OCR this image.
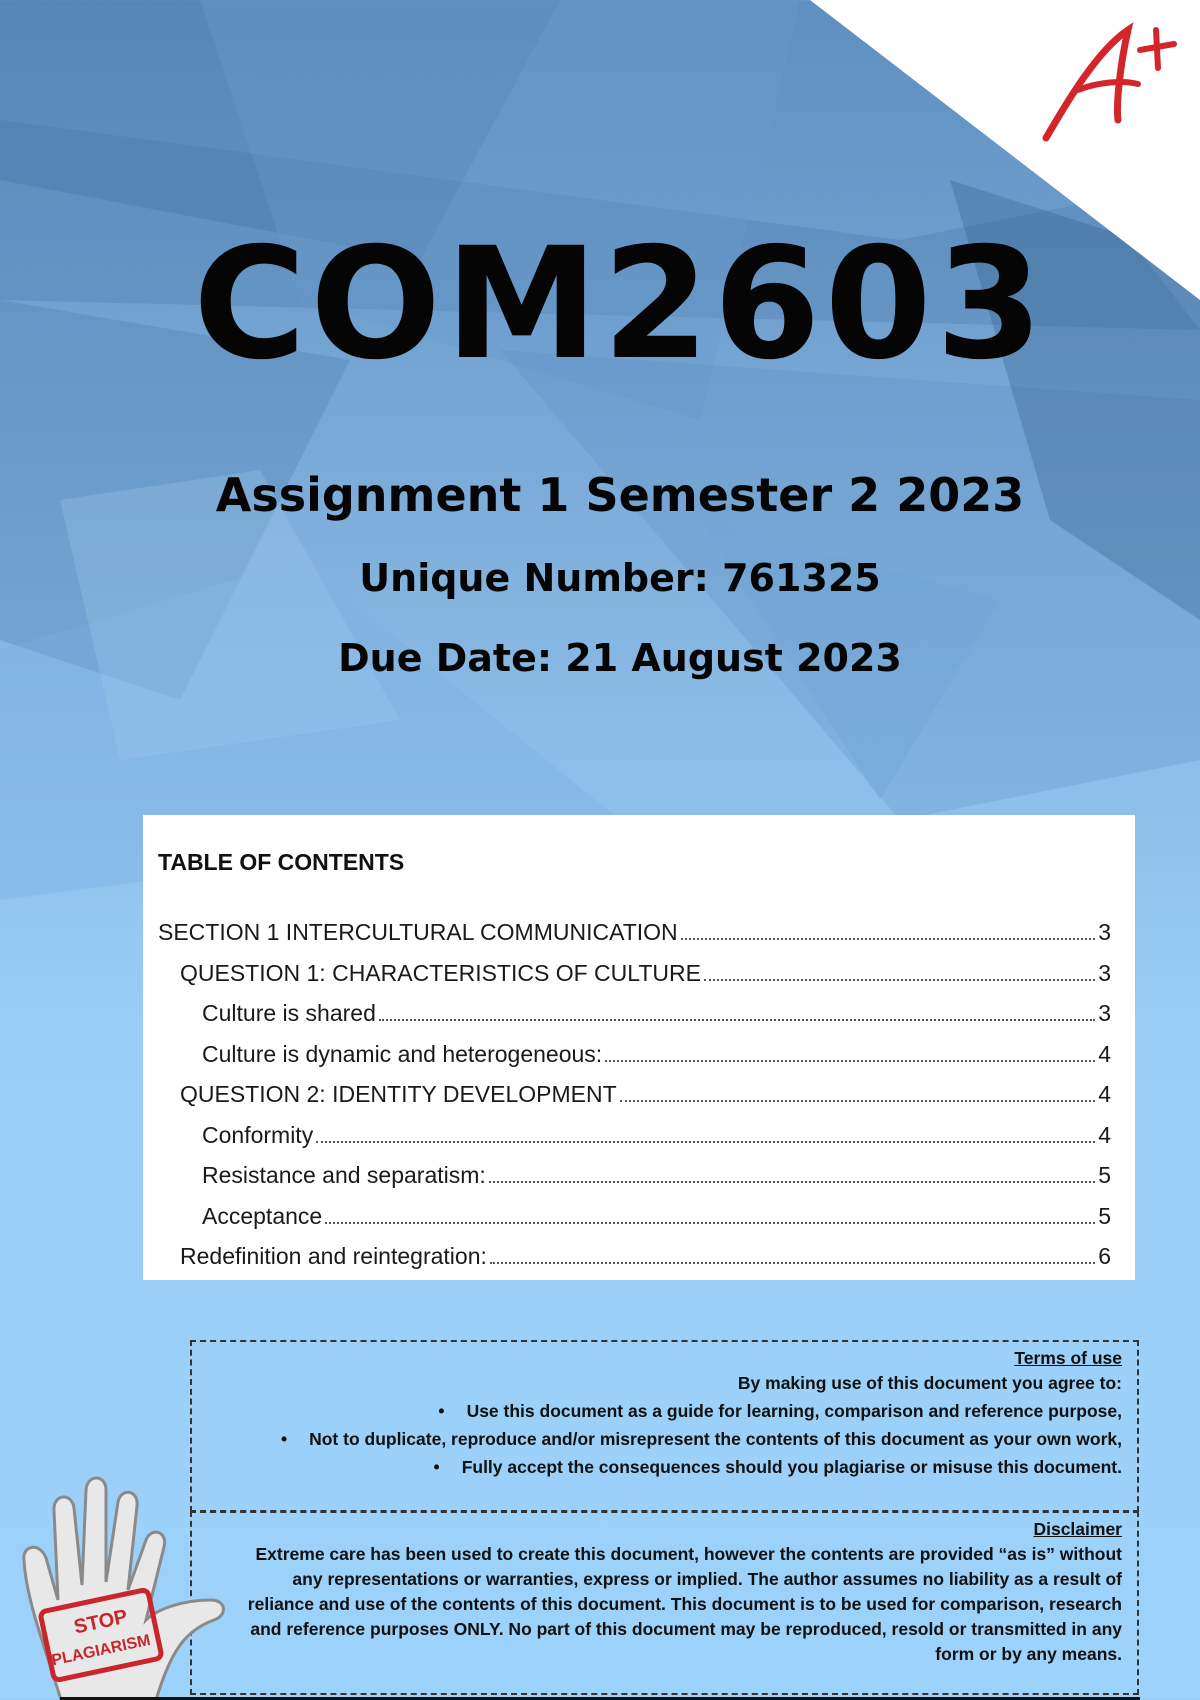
COM2603
Assignment 1 Semester 2 2023
Unique Number: 761325
Due Date: 21 August 2023
TABLE OF CONTENTS
SECTION 1 INTERCULTURAL COMMUNICATION	3
QUESTION 1: CHARACTERISTICS OF CULTURE	3
Culture is shared	3
Culture is dynamic and heterogeneous:	4
QUESTION 2: IDENTITY DEVELOPMENT	4
Conformity	4
Resistance and separatism:	5
Acceptance	5
Redefinition and reintegration:	6
Terms of use
By making use of this document you agree to:
• Use this document as a guide for learning, comparison and reference purpose,
• Not to duplicate, reproduce and/or misrepresent the contents of this document as your own work,
• Fully accept the consequences should you plagiarise or misuse this document.
Disclaimer
Extreme care has been used to create this document, however the contents are provided “as is” without any representations or warranties, express or implied. The author assumes no liability as a result of reliance and use of the contents of this document. This document is to be used for comparison, research and reference purposes ONLY. No part of this document may be reproduced, resold or transmitted in any form or by any means.
STOP
PLAGIARISM
